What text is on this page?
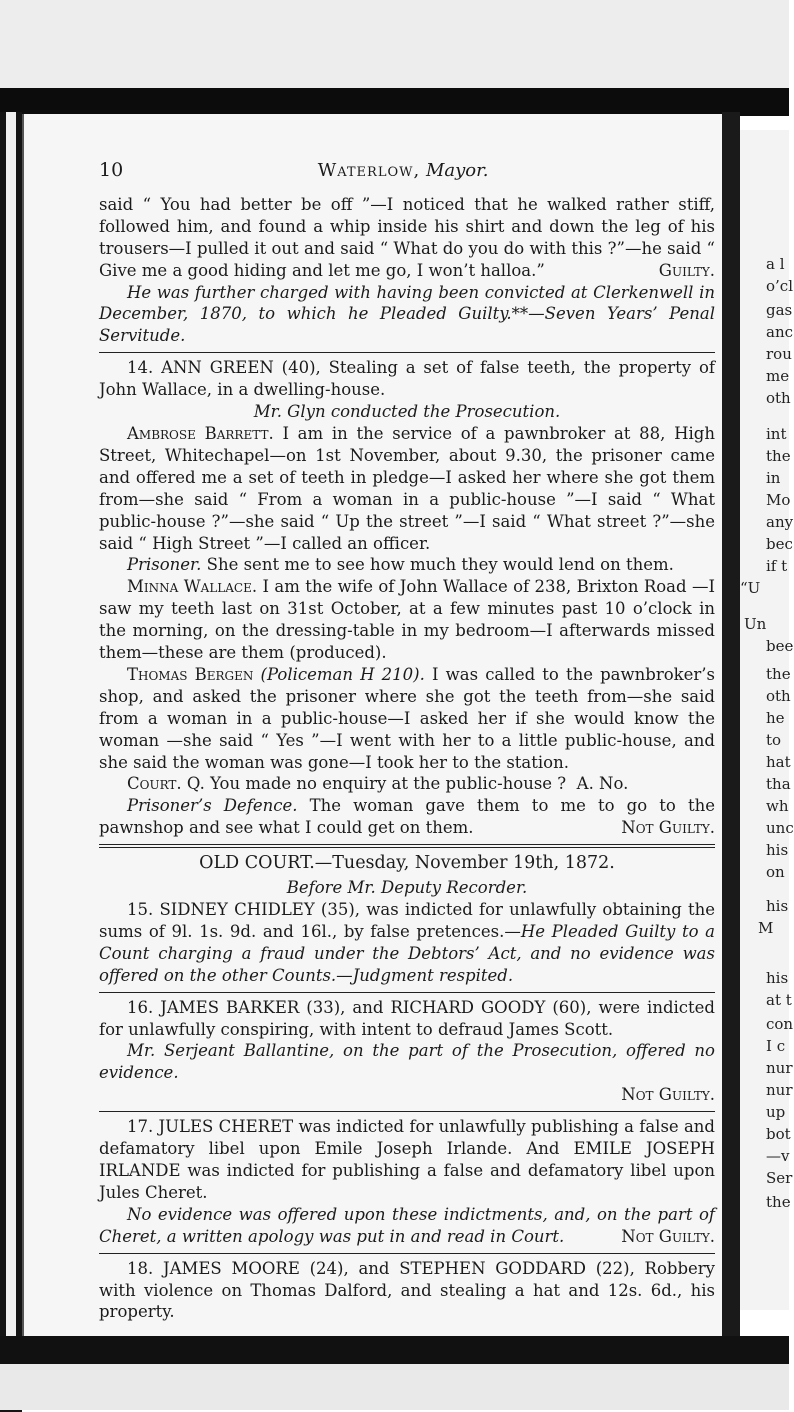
a l
o’cl
gas
anc
rou
me
oth
int
the
in
Mo
any
bec
if t
“U
Un
bee
the
oth
he
to
hat
tha
wh
unc
his
on
his
M
his
at t
con
I c
nur
nur
up
bot
—v
Ser
the
10	Waterlow, Mayor.

said “ You had better be off ”—I noticed that he walked rather stiff, followed him, and found a whip inside his shirt and down the leg of his trousers—I pulled it out and said “ What do you do with this ?”—he said “ Give me a good hiding and let me go, I won’t halloa.”	Guilty.

He was further charged with having been convicted at Clerkenwell in December, 1870, to which he Pleaded Guilty.**—Seven Years’ Penal Servitude.

14. ANN GREEN (40), Stealing a set of false teeth, the property of John Wallace, in a dwelling-house.

Mr. Glyn conducted the Prosecution.

Ambrose Barrett. I am in the service of a pawnbroker at 88, High Street, Whitechapel—on 1st November, about 9.30, the prisoner came and offered me a set of teeth in pledge—I asked her where she got them from—she said “ From a woman in a public-house ”—I said “ What public-house ?”—she said “ Up the street ”—I said “ What street ?”—she said “ High Street ”—I called an officer.

Prisoner. She sent me to see how much they would lend on them.

Minna Wallace. I am the wife of John Wallace of 238, Brixton Road —I saw my teeth last on 31st October, at a few minutes past 10 o’clock in the morning, on the dressing-table in my bedroom—I afterwards missed them—these are them (produced).

Thomas Bergen (Policeman H 210). I was called to the pawnbroker’s shop, and asked the prisoner where she got the teeth from—she said from a woman in a public-house—I asked her if she would know the woman —she said “ Yes ”—I went with her to a little public-house, and she said the woman was gone—I took her to the station.

Court. Q. You made no enquiry at the public-house ? A. No.

Prisoner’s Defence. The woman gave them to me to go to the pawnshop and see what I could get on them.	Not Guilty.

OLD COURT.—Tuesday, November 19th, 1872.

Before Mr. Deputy Recorder.

15. SIDNEY CHIDLEY (35), was indicted for unlawfully obtaining the sums of 9l. 1s. 9d. and 16l., by false pretences.—He Pleaded Guilty to a Count charging a fraud under the Debtors’ Act, and no evidence was offered on the other Counts.—Judgment respited.

16. JAMES BARKER (33), and RICHARD GOODY (60), were indicted for unlawfully conspiring, with intent to defraud James Scott.

Mr. Serjeant Ballantine, on the part of the Prosecution, offered no evidence.

Not Guilty.

17. JULES CHERET was indicted for unlawfully publishing a false and defamatory libel upon Emile Joseph Irlande. And EMILE JOSEPH IRLANDE was indicted for publishing a false and defamatory libel upon Jules Cheret.

No evidence was offered upon these indictments, and, on the part of Cheret, a written apology was put in and read in Court.	Not Guilty.

18. JAMES MOORE (24), and STEPHEN GODDARD (22), Robbery with violence on Thomas Dalford, and stealing a hat and 12s. 6d., his property.
